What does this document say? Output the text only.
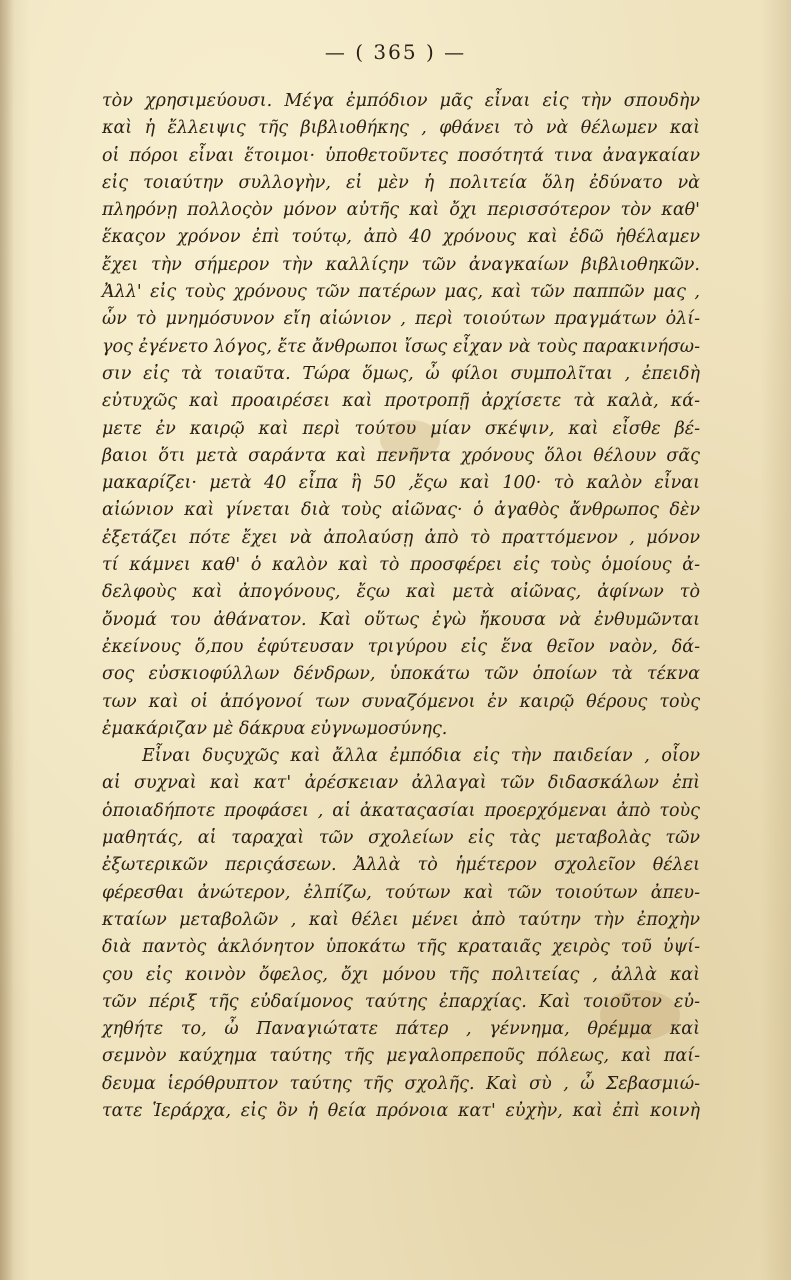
— ( 365 ) —
τὸν χρησιμεύουσι. Μέγα ἐμπόδιον μᾶς εἶναι εἰς τὴν σπουδὴν
καὶ ἡ ἔλλειψις τῆς βιβλιοθήκης , φθάνει τὸ νὰ θέλωμεν καὶ
οἱ πόροι εἶναι ἕτοιμοι· ὑποθετοῦντες ποσότητά τινα ἀναγκαίαν
εἰς τοιαύτην συλλογὴν, εἰ μὲν ἡ πολιτεία ὅλη ἐδύνατο νὰ
πληρόνῃ πολλοςὸν μόνον αὐτῆς καὶ ὄχι περισσότερον τὸν καθ'
ἕκαςον χρόνον ἐπὶ τούτῳ, ἀπὸ 40 χρόνους καὶ ἐδῶ ἠθέλαμεν
ἔχει τὴν σήμερον τὴν καλλίςην τῶν ἀναγκαίων βιβλιοθηκῶν.
Ἀλλ' εἰς τοὺς χρόνους τῶν πατέρων μας, καὶ τῶν παππῶν μας ,
ὧν τὸ μνημόσυνον εἴη αἰώνιον , περὶ τοιούτων πραγμάτων ὀλί-
γος ἐγένετο λόγος, ἔτε ἄνθρωποι ἴσως εἶχαν νὰ τοὺς παρακινήσω-
σιν εἰς τὰ τοιαῦτα. Τώρα ὅμως, ὦ φίλοι συμπολῖται , ἐπειδὴ
εὐτυχῶς καὶ προαιρέσει καὶ προτροπῇ ἀρχίσετε τὰ καλὰ, κά-
μετε ἐν καιρῷ καὶ περὶ τούτου μίαν σκέψιν, καὶ εἶσθε βέ-
βαιοι ὅτι μετὰ σαράντα καὶ πενῆντα χρόνους ὅλοι θέλουν σᾶς
μακαρίζει· μετὰ 40 εἶπα ἢ 50 ,ἔςω καὶ 100· τὸ καλὸν εἶναι
αἰώνιον καὶ γίνεται διὰ τοὺς αἰῶνας· ὁ ἀγαθὸς ἄνθρωπος δὲν
ἐξετάζει πότε ἔχει νὰ ἀπολαύσῃ ἀπὸ τὸ πραττόμενον , μόνον
τί κάμνει καθ' ὁ καλὸν καὶ τὸ προσφέρει εἰς τοὺς ὁμοίους ἀ-
δελφοὺς καὶ ἀπογόνους, ἔςω καὶ μετὰ αἰῶνας, ἀφίνων τὸ
ὄνομά του ἀθάνατον. Καὶ οὕτως ἐγὼ ἤκουσα νὰ ἐνθυμῶνται
ἐκείνους ὅ,που ἐφύτευσαν τριγύρου εἰς ἕνα θεῖον ναὸν, δά-
σος εὐσκιοφύλλων δένδρων, ὑποκάτω τῶν ὁποίων τὰ τέκνα
των καὶ οἱ ἀπόγονοί των συναζόμενοι ἐν καιρῷ θέρους τοὺς
ἐμακάριζαν μὲ δάκρυα εὐγνωμοσύνης.
Εἶναι δυςυχῶς καὶ ἄλλα ἐμπόδια εἰς τὴν παιδείαν , οἷον
αἱ συχναὶ καὶ κατ' ἀρέσκειαν ἀλλαγαὶ τῶν διδασκάλων ἐπὶ
ὁποιαδήποτε προφάσει , αἱ ἀκαταςασίαι προερχόμεναι ἀπὸ τοὺς
μαθητάς, αἱ ταραχαὶ τῶν σχολείων εἰς τὰς μεταβολὰς τῶν
ἐξωτερικῶν περιςάσεων. Ἀλλὰ τὸ ἡμέτερον σχολεῖον θέλει
φέρεσθαι ἀνώτερον, ἐλπίζω, τούτων καὶ τῶν τοιούτων ἀπευ-
κταίων μεταβολῶν , καὶ θέλει μένει ἀπὸ ταύτην τὴν ἐποχὴν
διὰ παντὸς ἀκλόνητον ὑποκάτω τῆς κραταιᾶς χειρὸς τοῦ ὑψί-
ςου εἰς κοινὸν ὄφελος, ὄχι μόνου τῆς πολιτείας , ἀλλὰ καὶ
τῶν πέριξ τῆς εὐδαίμονος ταύτης ἐπαρχίας. Καὶ τοιοῦτον εὐ-
χηθήτε το, ὦ Παναγιώτατε πάτερ , γέννημα, θρέμμα καὶ
σεμνὸν καύχημα ταύτης τῆς μεγαλοπρεποῦς πόλεως, καὶ παί-
δευμα ἱερόθρυπτον ταύτης τῆς σχολῆς. Καὶ σὺ , ὦ Σεβασμιώ-
τατε Ἱεράρχα, εἰς ὃν ἡ θεία πρόνοια κατ' εὐχὴν, καὶ ἐπὶ κοινὴ
